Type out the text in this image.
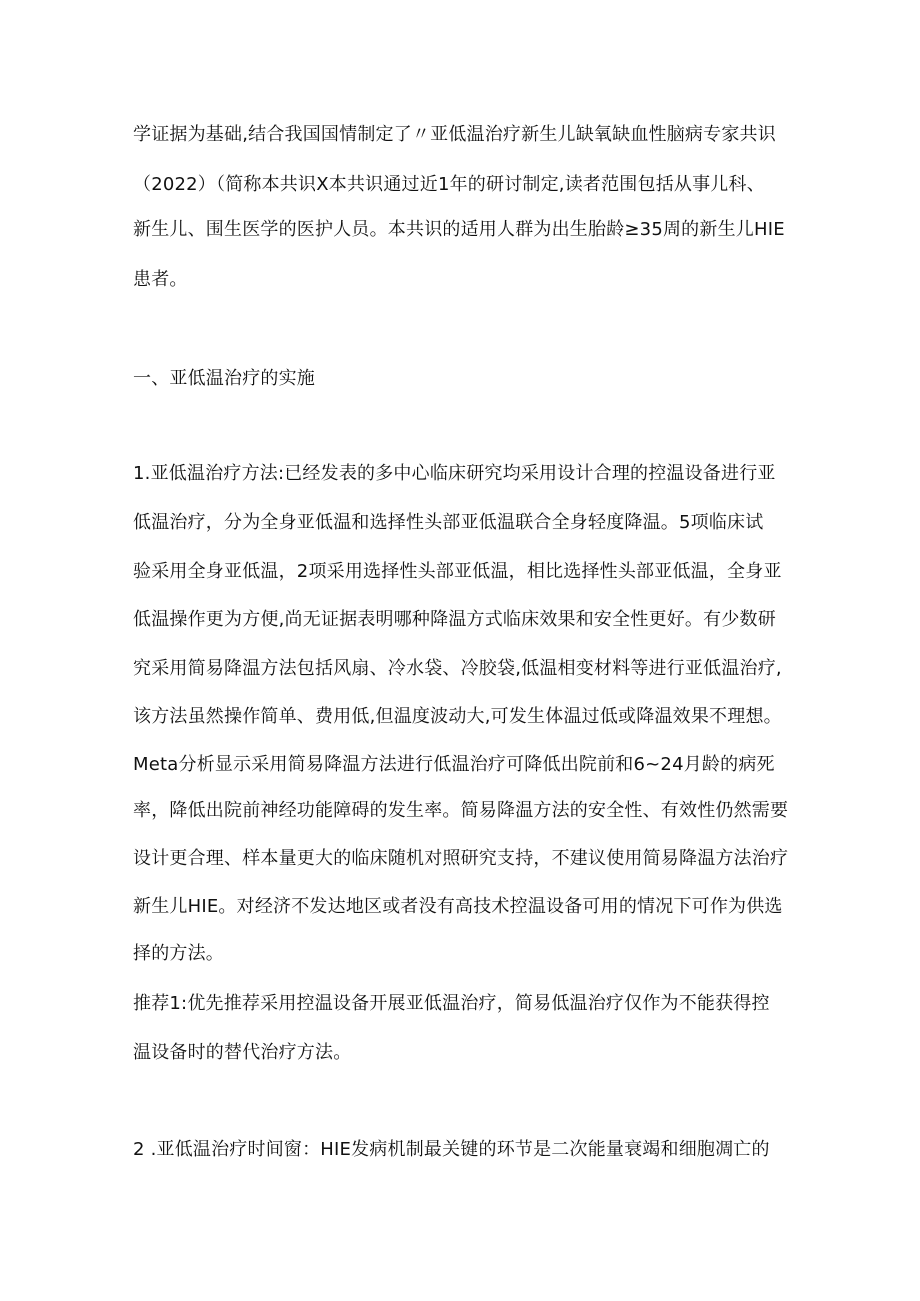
学证据为基础,结合我国国情制定了〃亚低温治疗新生儿缺氧缺血性脑病专家共识
（2022）（简称本共识X本共识通过近1年的研讨制定,读者范围包括从事儿科、
新生儿、围生医学的医护人员。本共识的适用人群为出生胎龄≥35周的新生儿HIE
患者。
一、亚低温治疗的实施
1.亚低温治疗方法:已经发表的多中心临床研究均采用设计合理的控温设备进行亚
低温治疗，分为全身亚低温和选择性头部亚低温联合全身轻度降温。5项临床试
验采用全身亚低温，2项采用选择性头部亚低温，相比选择性头部亚低温，全身亚
低温操作更为方便,尚无证据表明哪种降温方式临床效果和安全性更好。有少数研
究采用简易降温方法包括风扇、冷水袋、冷胶袋,低温相变材料等进行亚低温治疗,
该方法虽然操作简单、费用低,但温度波动大,可发生体温过低或降温效果不理想。
Meta分析显示采用简易降温方法进行低温治疗可降低出院前和6~24月龄的病死
率，降低出院前神经功能障碍的发生率。简易降温方法的安全性、有效性仍然需要
设计更合理、样本量更大的临床随机对照研究支持，不建议使用简易降温方法治疗
新生儿HIE。对经济不发达地区或者没有高技术控温设备可用的情况下可作为供选
择的方法。
推荐1:优先推荐采用控温设备开展亚低温治疗，简易低温治疗仅作为不能获得控
温设备时的替代治疗方法。
2 .亚低温治疗时间窗：HIE发病机制最关键的环节是二次能量衰竭和细胞凋亡的
